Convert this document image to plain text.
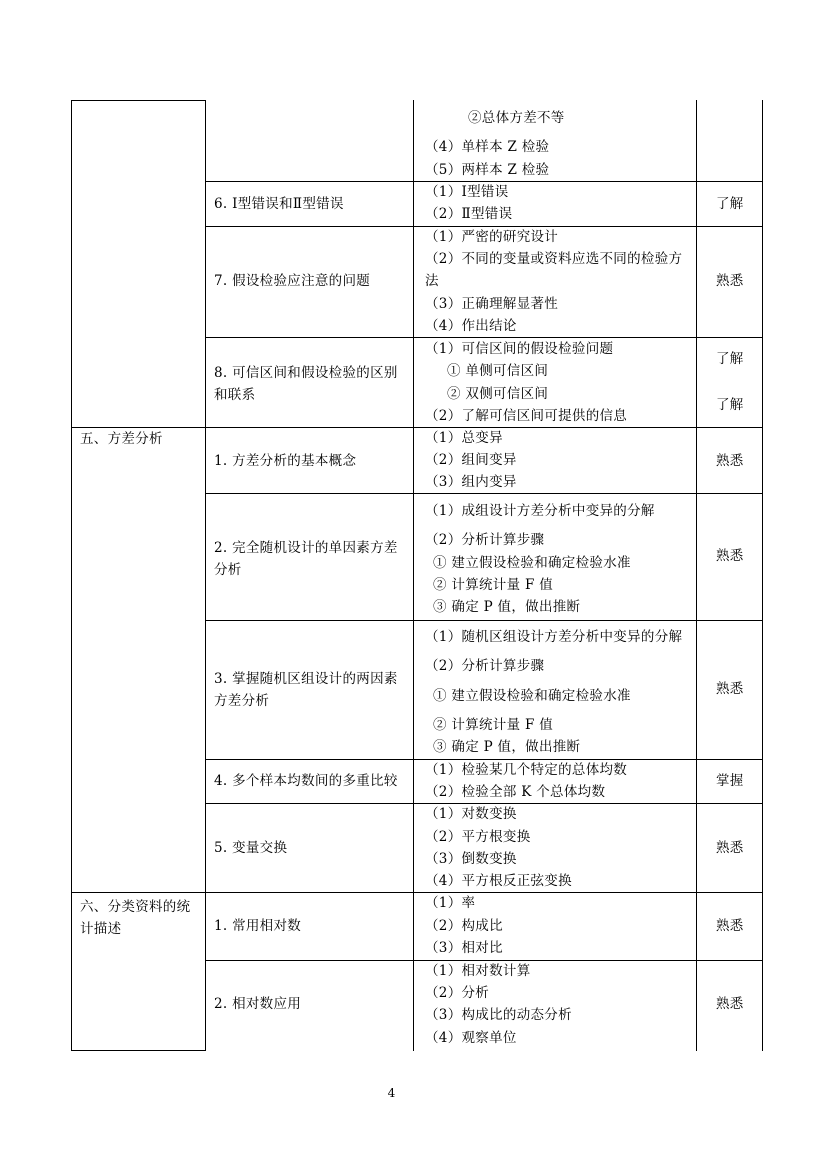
②总体方差不等
（4）单样本 Z 检验
（5）两样本 Z 检验
6. Ⅰ型错误和Ⅱ型错误
（1）Ⅰ型错误
（2）Ⅱ型错误
了解
7. 假设检验应注意的问题
（1）严密的研究设计
（2）不同的变量或资料应选不同的检验方
法
（3）正确理解显著性
（4）作出结论
熟悉
8. 可信区间和假设检验的区别和联系
（1）可信区间的假设检验问题
① 单侧可信区间
② 双侧可信区间
（2）了解可信区间可提供的信息
了解
了解
五、方差分析
1. 方差分析的基本概念
（1）总变异
（2）组间变异
（3）组内变异
熟悉
2. 完全随机设计的单因素方差分析
（1）成组设计方差分析中变异的分解
（2）分析计算步骤
① 建立假设检验和确定检验水准
② 计算统计量 F 值
③ 确定 P 值，做出推断
熟悉
3. 掌握随机区组设计的两因素方差分析
（1）随机区组设计方差分析中变异的分解
（2）分析计算步骤
① 建立假设检验和确定检验水准
② 计算统计量 F 值
③ 确定 P 值，做出推断
熟悉
4. 多个样本均数间的多重比较
（1）检验某几个特定的总体均数
（2）检验全部 K 个总体均数
掌握
5. 变量交换
（1）对数变换
（2）平方根变换
（3）倒数变换
（4）平方根反正弦变换
熟悉
六、分类资料的统计描述	1. 常用相对数
（1）率
（2）构成比
（3）相对比
熟悉
2. 相对数应用
（1）相对数计算
（2）分析
（3）构成比的动态分析
（4）观察单位
熟悉
4
